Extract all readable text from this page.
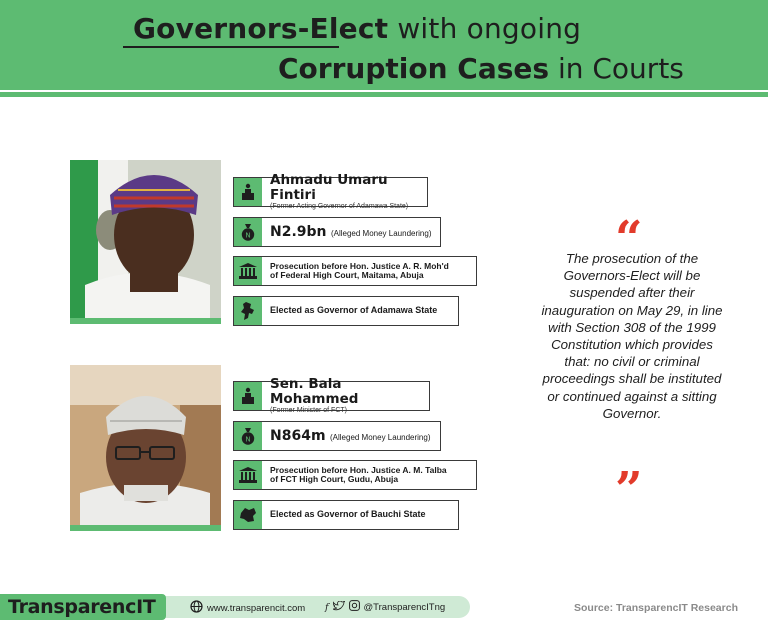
Governors-Elect with ongoing
Corruption Cases in Courts
Ahmadu Umaru Fintiri
(Former Acting Governor of Adamawa State)
N	N2.9bn (Alleged Money Laundering)
Prosecution before Hon. Justice A. R. Moh'd
of Federal High Court, Maitama, Abuja
Elected as Governor of Adamawa State
Sen. Bala Mohammed
(Former Minister of FCT)
N	N864m (Alleged Money Laundering)
Prosecution before Hon. Justice A. M. Talba
of FCT High Court, Gudu, Abuja
Elected as Governor of Bauchi State
“
The prosecution of the Governors-Elect will be suspended after their inauguration on May 29, in line with Section 308 of the 1999 Constitution which provides that: no civil or criminal proceedings shall be instituted or continued against a sitting Governor.
”
TransparencIT	www.transparencit.com f	@TransparencITng	Source: TransparencIT Research
